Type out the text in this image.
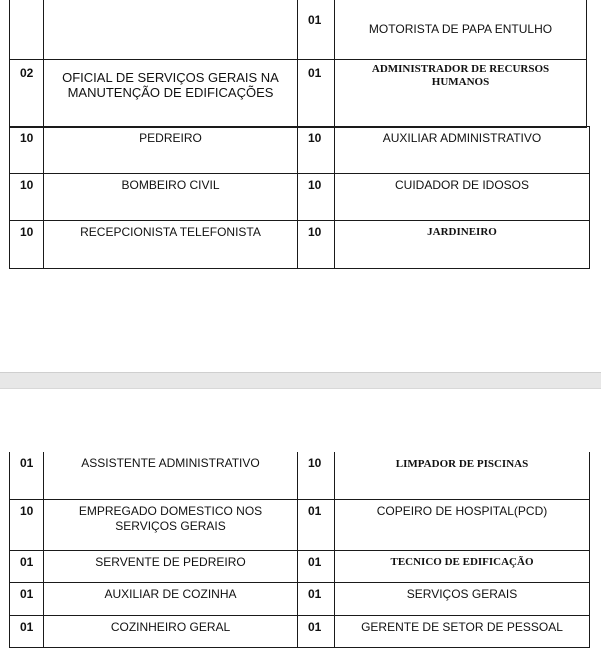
		01	MOTORISTA DE PAPA ENTULHO

02	OFICIAL DE SERVIÇOS GERAIS NA MANUTENÇÃO DE EDIFICAÇÕES	01	ADMINISTRADOR DE RECURSOS HUMANOS
10	PEDREIRO	10	AUXILIAR ADMINISTRATIVO

10	BOMBEIRO CIVIL	10	CUIDADOR DE IDOSOS

10	RECEPCIONISTA TELEFONISTA	10	JARDINEIRO
01	ASSISTENTE ADMINISTRATIVO	10	LIMPADOR DE PISCINAS

10	EMPREGADO DOMESTICO NOS SERVIÇOS GERAIS	01	COPEIRO DE HOSPITAL(PCD)

01	SERVENTE DE PEDREIRO	01	TECNICO DE EDIFICAÇÃO

01	AUXILIAR DE COZINHA	01	SERVIÇOS GERAIS

01	COZINHEIRO GERAL	01	GERENTE DE SETOR DE PESSOAL
